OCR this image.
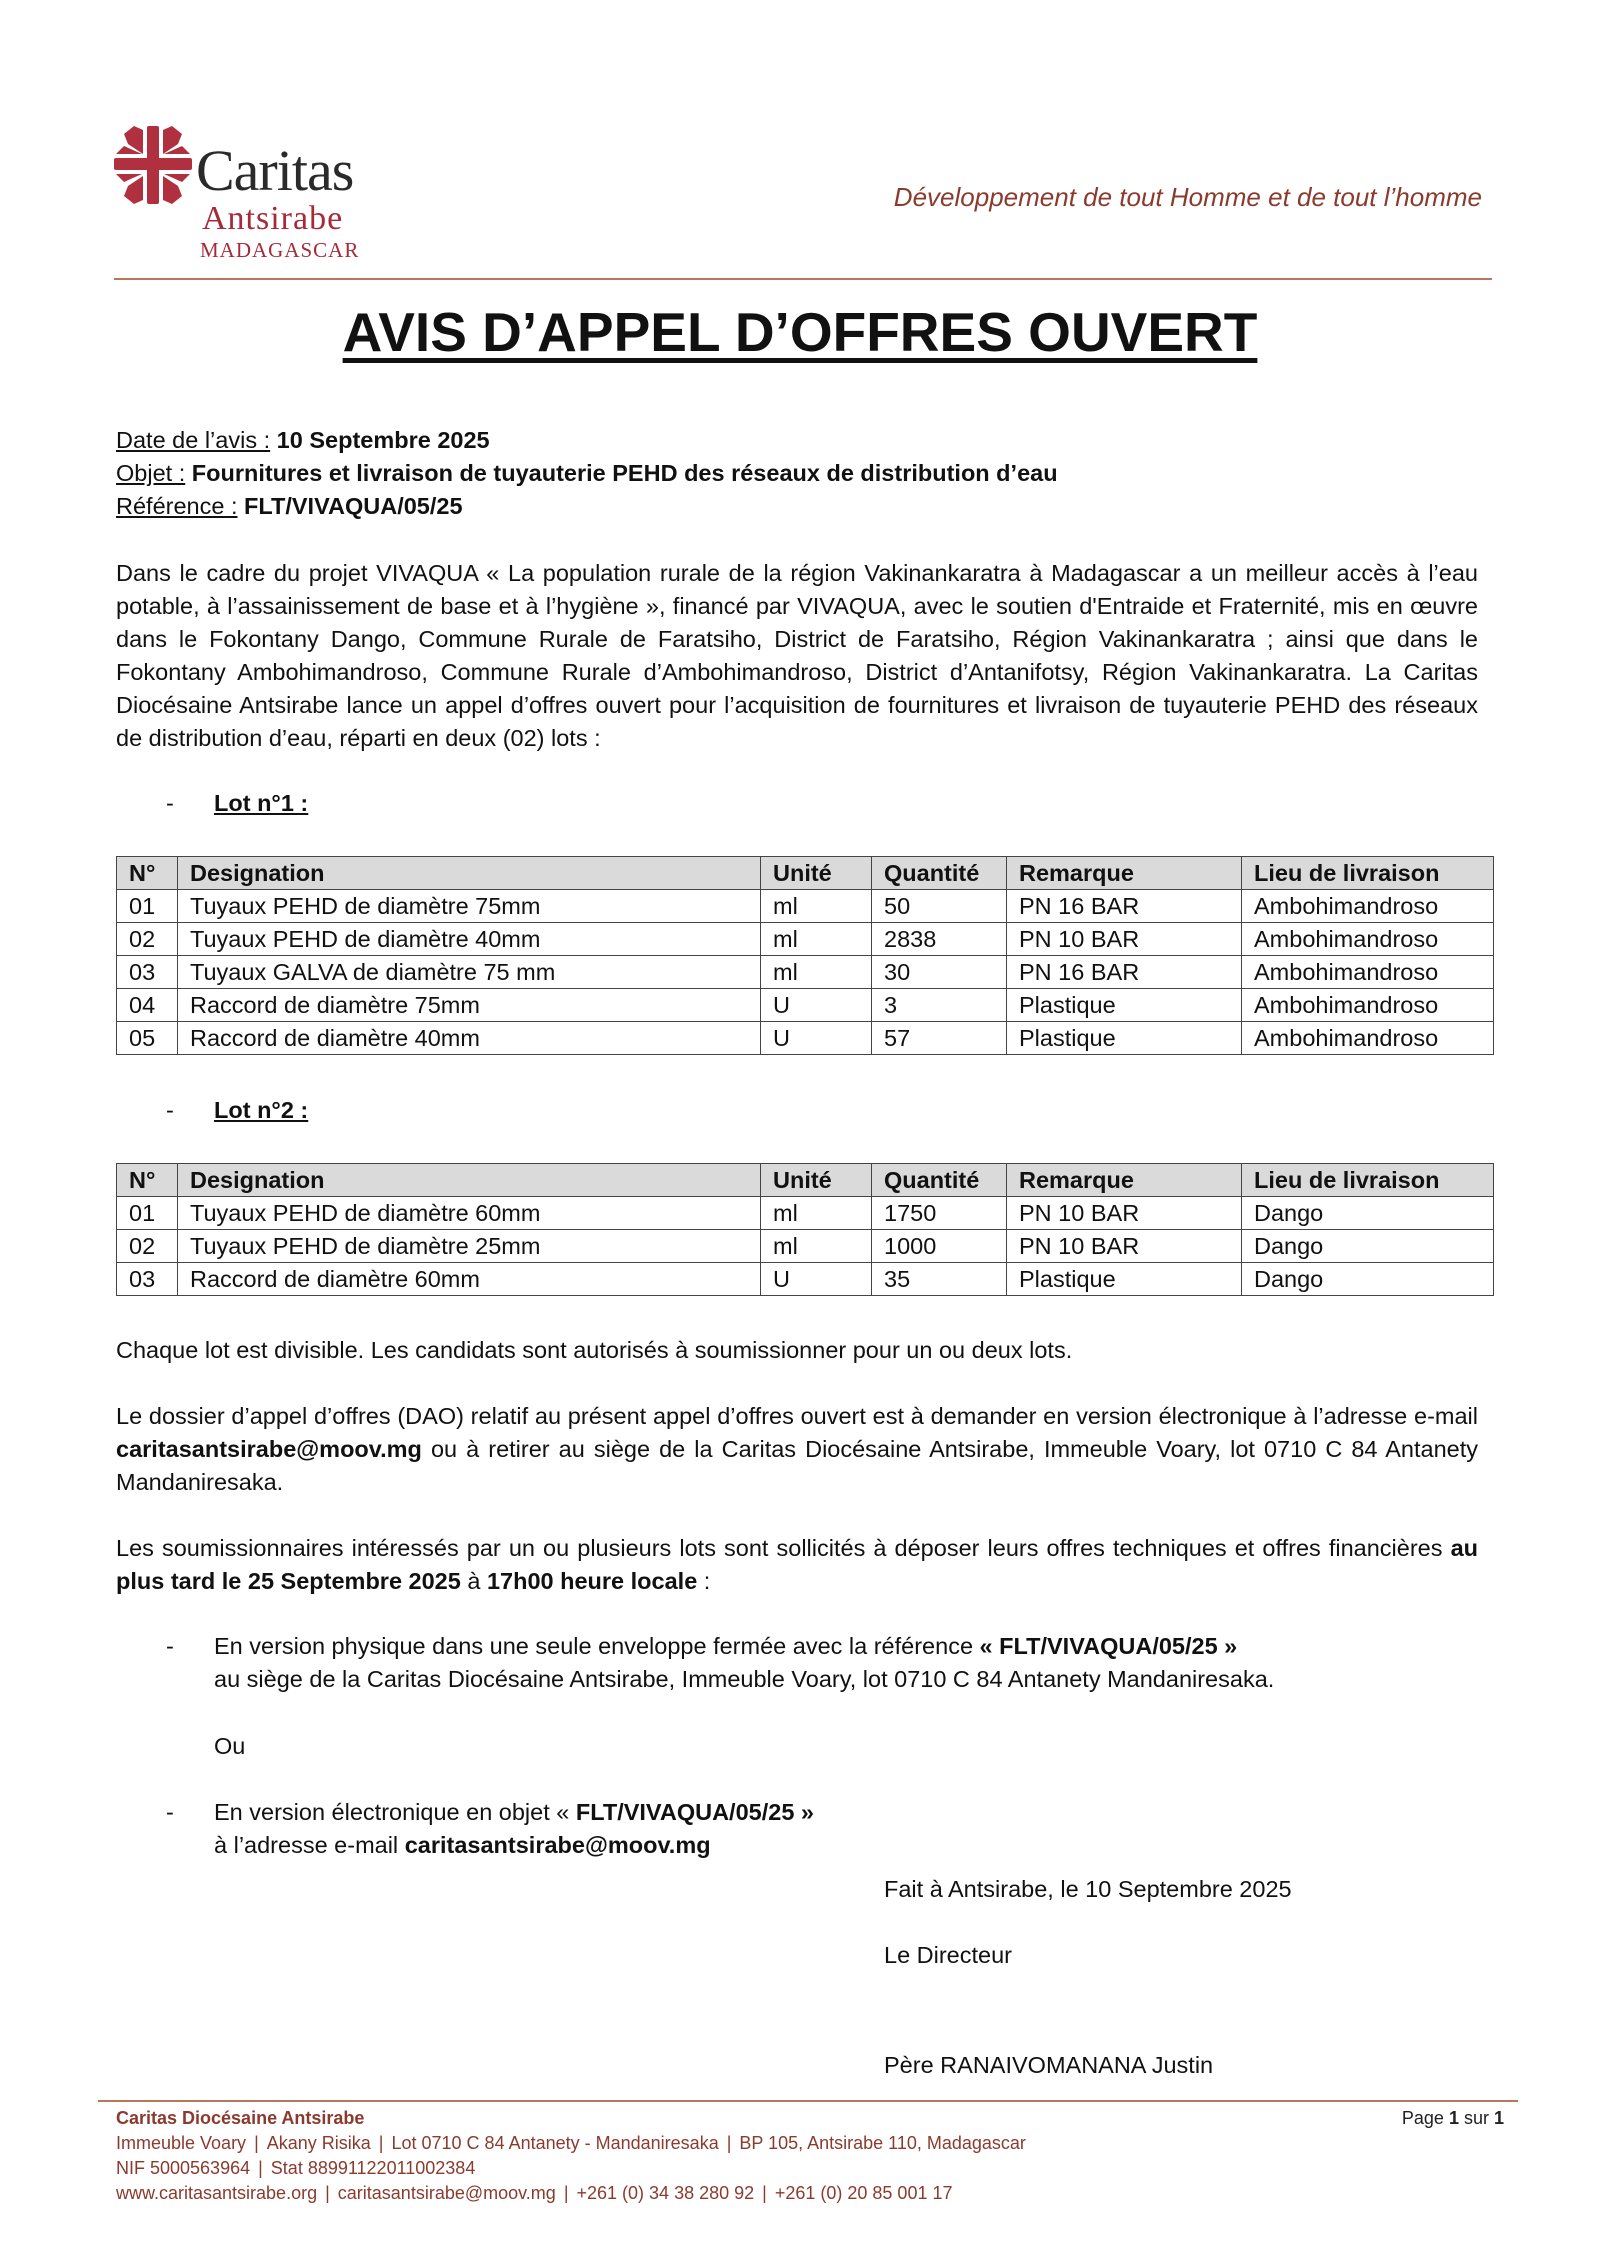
Caritas
Antsirabe
MADAGASCAR
Développement de tout Homme et de tout l’homme
AVIS D’APPEL D’OFFRES OUVERT
Date de l’avis : 10 Septembre 2025
Objet : Fournitures et livraison de tuyauterie PEHD des réseaux de distribution d’eau
Référence : FLT/VIVAQUA/05/25
Dans le cadre du projet VIVAQUA « La population rurale de la région Vakinankaratra à Madagascar a un meilleur accès à l’eau potable, à l’assainissement de base et à l’hygiène », financé par VIVAQUA, avec le soutien d'Entraide et Fraternité, mis en œuvre dans le Fokontany Dango, Commune Rurale de Faratsiho, District de Faratsiho, Région Vakinankaratra ; ainsi que dans le Fokontany Ambohimandroso, Commune Rurale d’Ambohimandroso, District d’Antanifotsy, Région Vakinankaratra. La Caritas Diocésaine Antsirabe lance un appel d’offres ouvert pour l’acquisition de fournitures et livraison de tuyauterie PEHD des réseaux de distribution d’eau, réparti en deux (02) lots :
- Lot n°1 :
N°	Designation	Unité	Quantité	Remarque	Lieu de livraison
01	Tuyaux PEHD de diamètre 75mm	ml	50	PN 16 BAR	Ambohimandroso
02	Tuyaux PEHD de diamètre 40mm	ml	2838	PN 10 BAR	Ambohimandroso
03	Tuyaux GALVA de diamètre 75 mm	ml	30	PN 16 BAR	Ambohimandroso
04	Raccord de diamètre 75mm	U	3	Plastique	Ambohimandroso
05	Raccord de diamètre 40mm	U	57	Plastique	Ambohimandroso
- Lot n°2 :
N°	Designation	Unité	Quantité	Remarque	Lieu de livraison
01	Tuyaux PEHD de diamètre 60mm	ml	1750	PN 10 BAR	Dango
02	Tuyaux PEHD de diamètre 25mm	ml	1000	PN 10 BAR	Dango
03	Raccord de diamètre 60mm	U	35	Plastique	Dango
Chaque lot est divisible. Les candidats sont autorisés à soumissionner pour un ou deux lots.
Le dossier d’appel d’offres (DAO) relatif au présent appel d’offres ouvert est à demander en version électronique à l’adresse e-mail caritasantsirabe@moov.mg ou à retirer au siège de la Caritas Diocésaine Antsirabe, Immeuble Voary, lot 0710 C 84 Antanety Mandaniresaka.
Les soumissionnaires intéressés par un ou plusieurs lots sont sollicités à déposer leurs offres techniques et offres financières au plus tard le 25 Septembre 2025 à 17h00 heure locale :
- En version physique dans une seule enveloppe fermée avec la référence « FLT/VIVAQUA/05/25 »
au siège de la Caritas Diocésaine Antsirabe, Immeuble Voary, lot 0710 C 84 Antanety Mandaniresaka.
Ou
- En version électronique en objet « FLT/VIVAQUA/05/25 »
à l’adresse e-mail caritasantsirabe@moov.mg
Fait à Antsirabe, le 10 Septembre 2025
Le Directeur
Père RANAIVOMANANA Justin
Caritas Diocésaine Antsirabe
Immeuble Voary | Akany Risika | Lot 0710 C 84 Antanety - Mandaniresaka | BP 105, Antsirabe 110, Madagascar
NIF 5000563964 | Stat 88991122011002384
www.caritasantsirabe.org | caritasantsirabe@moov.mg | +261 (0) 34 38 280 92 | +261 (0) 20 85 001 17
Page 1 sur 1
